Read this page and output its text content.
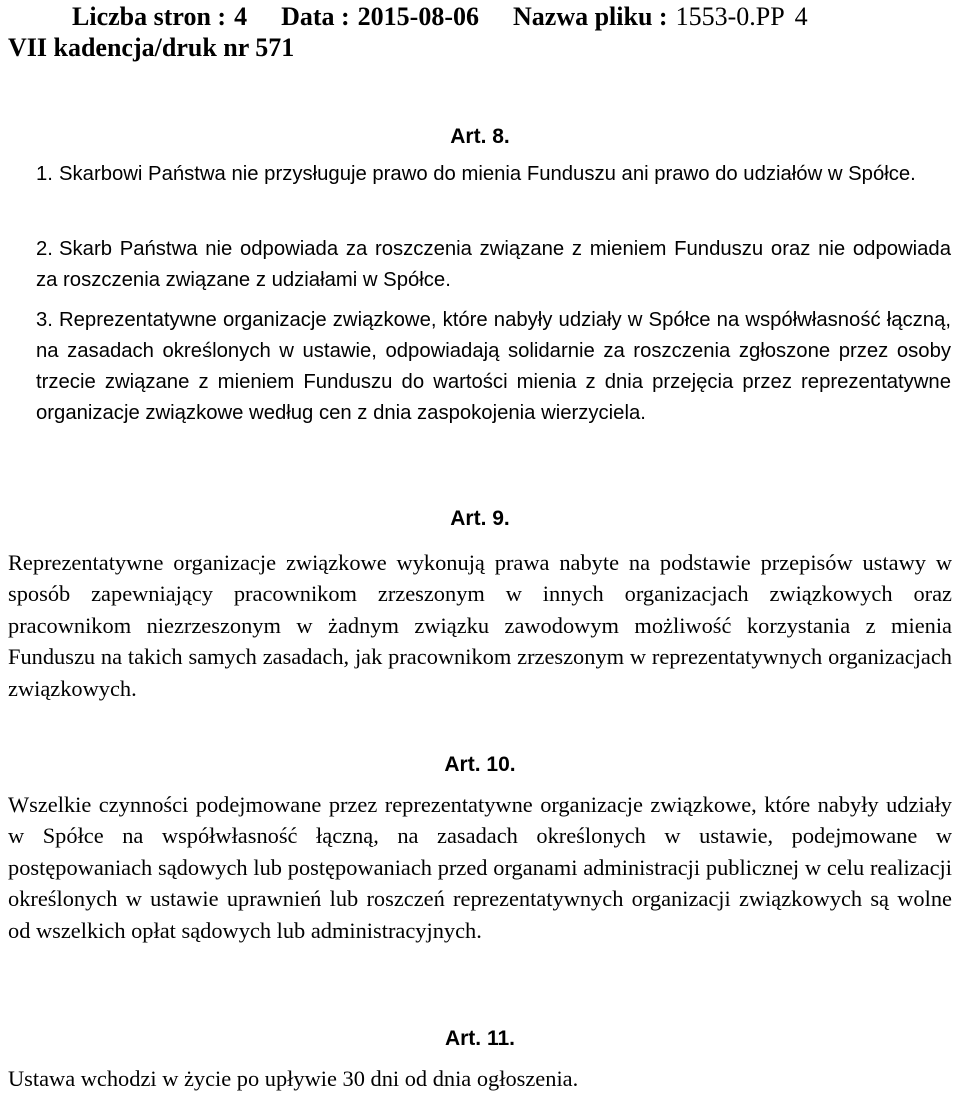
Liczba stron : 4 Data : 2015-08-06 Nazwa pliku : 1553-0.PP 4
VII kadencja/druk nr 571
Art. 8.
1. Skarbowi Państwa nie przysługuje prawo do mienia Funduszu ani prawo do udziałów w Spółce.
2. Skarb Państwa nie odpowiada za roszczenia związane z mieniem Funduszu oraz nie odpowiada za roszczenia związane z udziałami w Spółce.
3. Reprezentatywne organizacje związkowe, które nabyły udziały w Spółce na współwłasność łączną, na zasadach określonych w ustawie, odpowiadają solidarnie za roszczenia zgłoszone przez osoby trzecie związane z mieniem Funduszu do wartości mienia z dnia przejęcia przez reprezentatywne organizacje związkowe według cen z dnia zaspokojenia wierzyciela.
Art. 9.
Reprezentatywne organizacje związkowe wykonują prawa nabyte na podstawie przepisów ustawy w sposób zapewniający pracownikom zrzeszonym w innych organizacjach związkowych oraz pracownikom niezrzeszonym w żadnym związku zawodowym możliwość korzystania z mienia Funduszu na takich samych zasadach, jak pracownikom zrzeszonym w reprezentatywnych organizacjach związkowych.
Art. 10.
Wszelkie czynności podejmowane przez reprezentatywne organizacje związkowe, które nabyły udziały w Spółce na współwłasność łączną, na zasadach określonych w ustawie, podejmowane w postępowaniach sądowych lub postępowaniach przed organami administracji publicznej w celu realizacji określonych w ustawie uprawnień lub roszczeń reprezentatywnych organizacji związkowych są wolne od wszelkich opłat sądowych lub administracyjnych.
Art. 11.
Ustawa wchodzi w życie po upływie 30 dni od dnia ogłoszenia.
